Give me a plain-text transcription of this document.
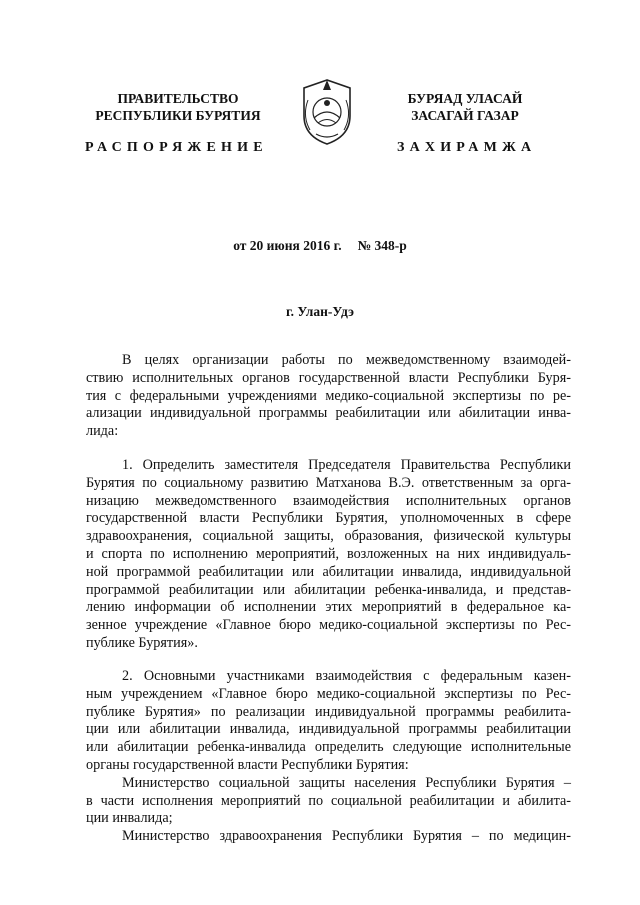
ПРАВИТЕЛЬСТВО
РЕСПУБЛИКИ БУРЯТИЯ
РАСПОРЯЖЕНИЕ
БУРЯАД УЛАСАЙ
ЗАСАГАЙ ГАЗАР
ЗАХИРАМЖА
от 20 июня 2016 г. № 348-р
г. Улан-Удэ
В целях организации работы по межведомственному взаимодей-
ствию исполнительных органов государственной власти Республики Буря-
тия с федеральными учреждениями медико-социальной экспертизы по ре-
ализации индивидуальной программы реабилитации или абилитации инва-
лида:
1. Определить заместителя Председателя Правительства Республики
Бурятия по социальному развитию Матханова В.Э. ответственным за орга-
низацию межведомственного взаимодействия исполнительных органов
государственной власти Республики Бурятия, уполномоченных в сфере
здравоохранения, социальной защиты, образования, физической культуры
и спорта по исполнению мероприятий, возложенных на них индивидуаль-
ной программой реабилитации или абилитации инвалида, индивидуальной
программой реабилитации или абилитации ребенка-инвалида, и представ-
лению информации об исполнении этих мероприятий в федеральное ка-
зенное учреждение «Главное бюро медико-социальной экспертизы по Рес-
публике Бурятия».
2. Основными участниками взаимодействия с федеральным казен-
ным учреждением «Главное бюро медико-социальной экспертизы по Рес-
публике Бурятия» по реализации индивидуальной программы реабилита-
ции или абилитации инвалида, индивидуальной программы реабилитации
или абилитации ребенка-инвалида определить следующие исполнительные
органы государственной власти Республики Бурятия:
Министерство социальной защиты населения Республики Бурятия –
в части исполнения мероприятий по социальной реабилитации и абилита-
ции инвалида;
Министерство здравоохранения Республики Бурятия – по медицин-
